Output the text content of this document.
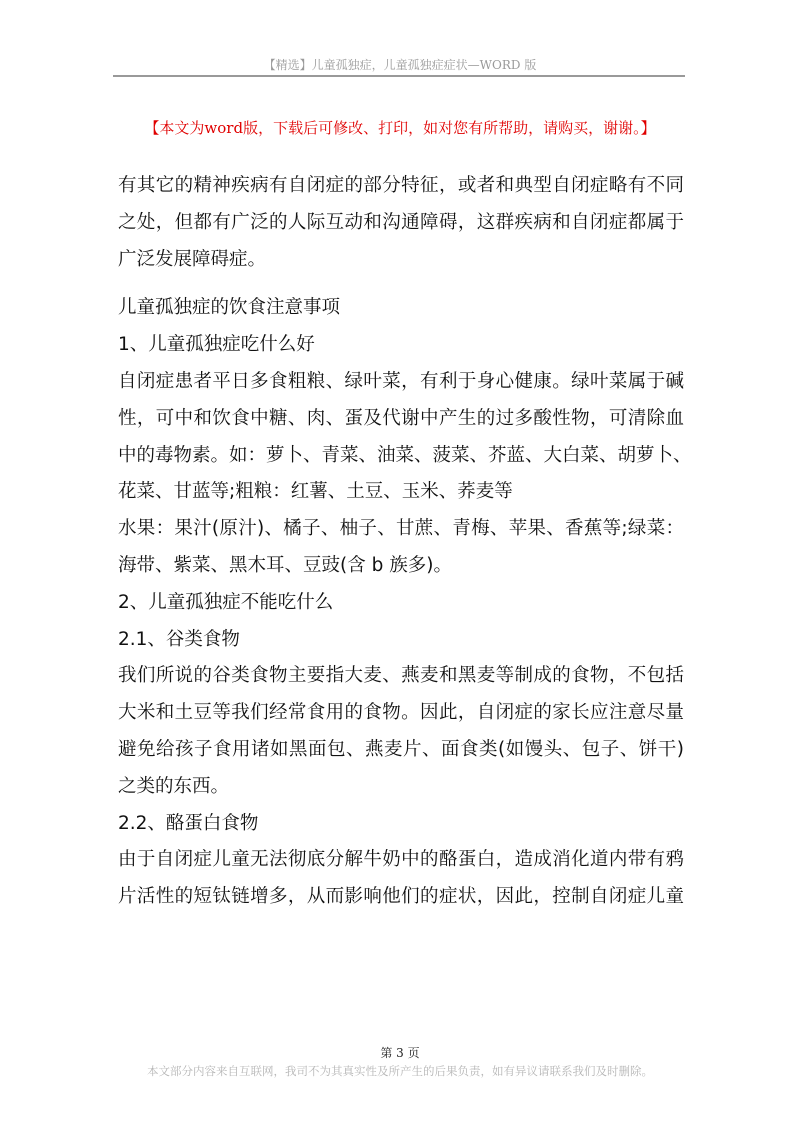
【精选】儿童孤独症，儿童孤独症症状—WORD 版
【本文为word版，下载后可修改、打印，如对您有所帮助，请购买，谢谢。】
baogao8.com
有其它的精神疾病有自闭症的部分特征，或者和典型自闭症略有不同
之处，但都有广泛的人际互动和沟通障碍，这群疾病和自闭症都属于
广泛发展障碍症。
儿童孤独症的饮食注意事项
1、儿童孤独症吃什么好
自闭症患者平日多食粗粮、绿叶菜，有利于身心健康。绿叶菜属于碱
性，可中和饮食中糖、肉、蛋及代谢中产生的过多酸性物，可清除血
中的毒物素。如：萝卜、青菜、油菜、菠菜、芥蓝、大白菜、胡萝卜、
花菜、甘蓝等;粗粮：红薯、土豆、玉米、荞麦等
水果：果汁(原汁)、橘子、柚子、甘蔗、青梅、苹果、香蕉等;绿菜：
海带、紫菜、黑木耳、豆豉(含 b 族多)。
2、儿童孤独症不能吃什么
2.1、谷类食物
我们所说的谷类食物主要指大麦、燕麦和黑麦等制成的食物，不包括
大米和土豆等我们经常食用的食物。因此，自闭症的家长应注意尽量
避免给孩子食用诸如黑面包、燕麦片、面食类(如馒头、包子、饼干)
之类的东西。
2.2、酪蛋白食物
由于自闭症儿童无法彻底分解牛奶中的酪蛋白，造成消化道内带有鸦
片活性的短钛链增多，从而影响他们的症状，因此，控制自闭症儿童
第 3 页
本文部分内容来自互联网，我司不为其真实性及所产生的后果负责，如有异议请联系我们及时删除。
